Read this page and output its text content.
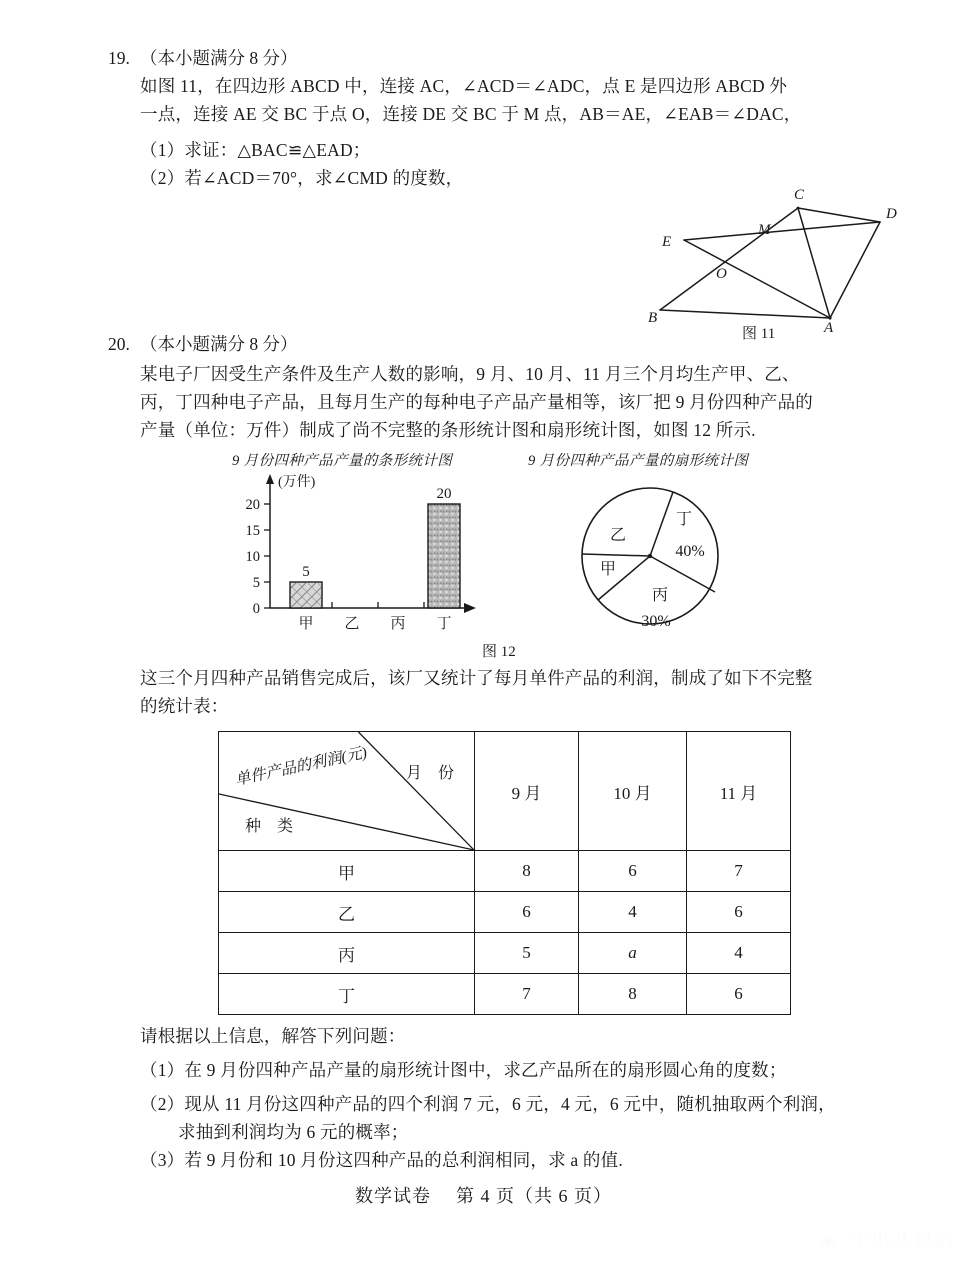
19. （本小题满分 8 分）
如图 11，在四边形 ABCD 中，连接 AC，∠ACD＝∠ADC，点 E 是四边形 ABCD 外
一点，连接 AE 交 BC 于点 O，连接 DE 交 BC 于 M 点，AB＝AE，∠EAB＝∠DAC，
（1）求证：△BAC≌△EAD；
（2）若∠ACD＝70°，求∠CMD 的度数，
A
B
C
D
E
M
O
图 11
20. （本小题满分 8 分）
某电子厂因受生产条件及生产人数的影响，9 月、10 月、11 月三个月均生产甲、乙、
丙，丁四种电子产品，且每月生产的每种电子产品产量相等，该厂把 9 月份四种产品的
产量（单位：万件）制成了尚不完整的条形统计图和扇形统计图，如图 12 所示.
9 月份四种产品产量的条形统计图
0
5
10
15
20
(万件)
5
20
甲 乙 丙 丁
9 月份四种产品产量的扇形统计图
丁
40%
丙
30%
乙
甲
图 12
这三个月四种产品销售完成后，该厂又统计了每月单件产品的利润，制成了如下不完整
的统计表：
月 份
单件产品的利润(元)
种 类	9 月	10 月	11 月
甲	8	6	7
乙	6	4	6
丙	5	a	4
丁	7	8	6
请根据以上信息，解答下列问题：
（1）在 9 月份四种产品产量的扇形统计图中，求乙产品所在的扇形圆心角的度数；
（2）现从 11 月份这四种产品的四个利润 7 元，6 元，4 元，6 元中，随机抽取两个利润，
求抽到利润均为 6 元的概率；
（3）若 9 月份和 10 月份这四种产品的总利润相同，求 a 的值.
数学试卷 第 4 页（共 6 页）
◈ 千里共婵娟
